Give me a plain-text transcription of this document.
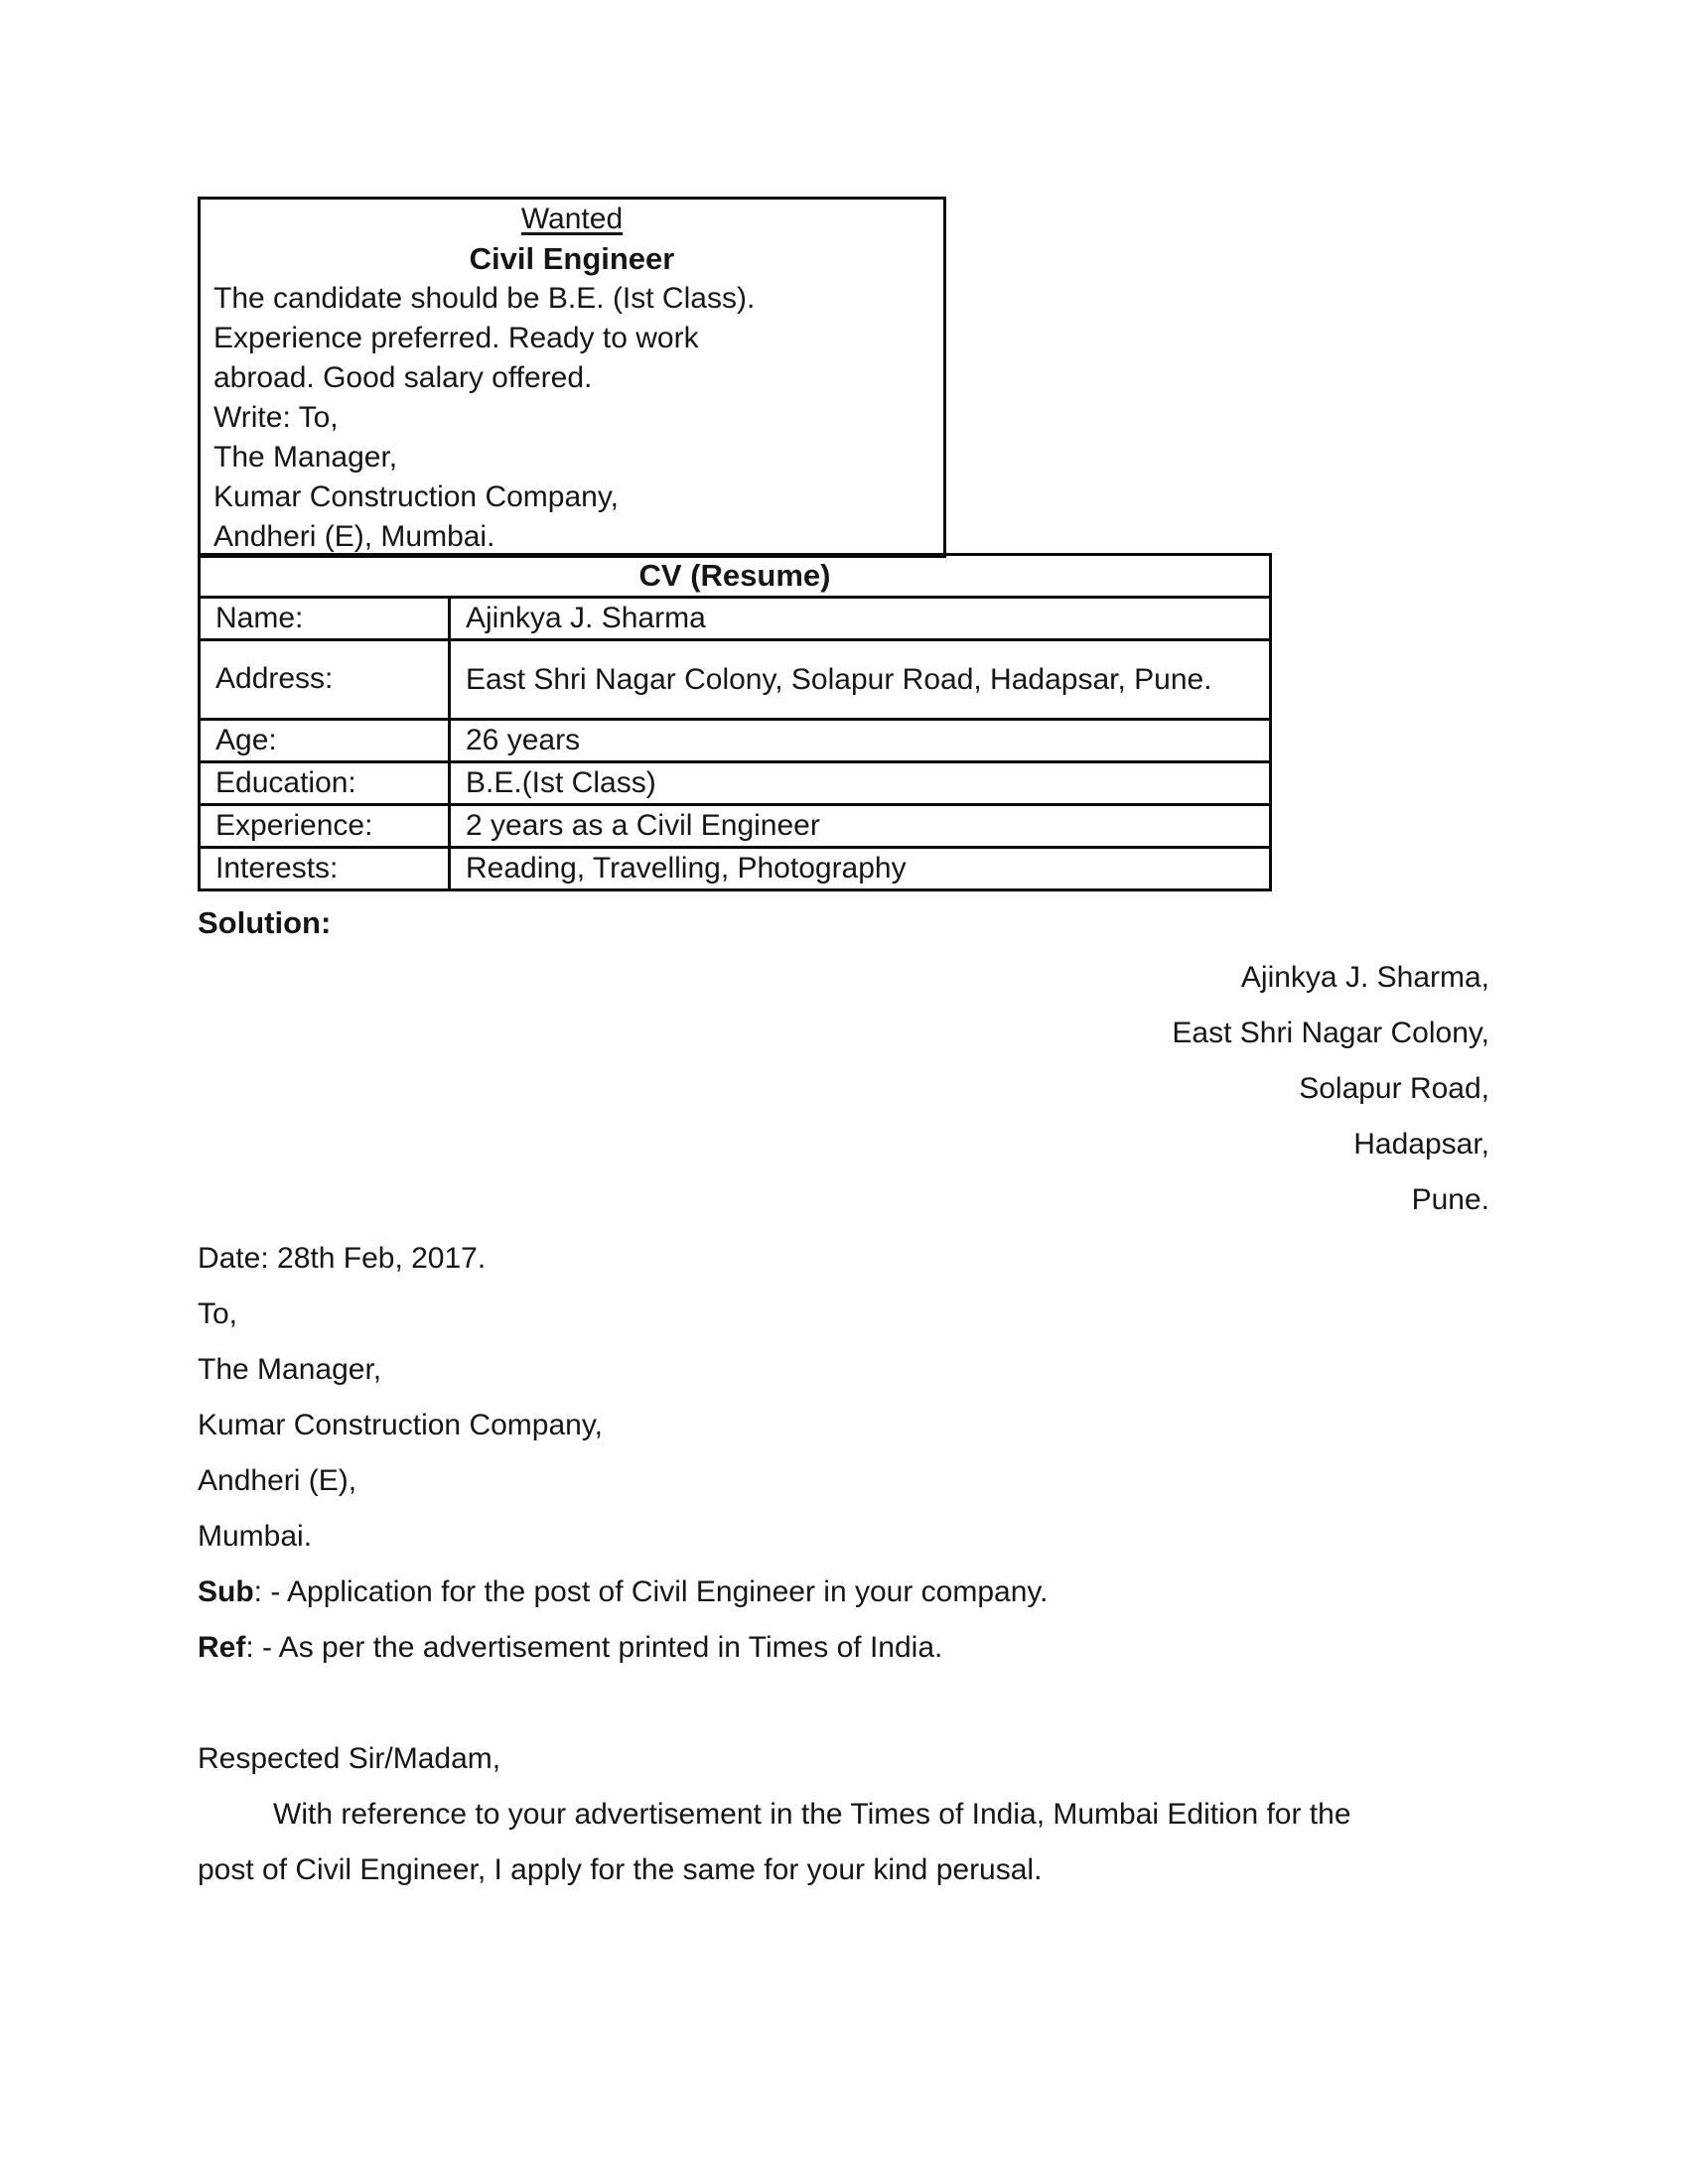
Wanted
Civil Engineer
The candidate should be B.E. (Ist Class).
Experience preferred. Ready to work
abroad. Good salary offered.
Write: To,
The Manager,
Kumar Construction Company,
Andheri (E), Mumbai.
CV (Resume)	
Name:	Ajinkya J. Sharma
Address:	East Shri Nagar Colony, Solapur Road, Hadapsar, Pune.
Age:	26 years
Education:	B.E.(Ist Class)
Experience:	2 years as a Civil Engineer
Interests:	Reading, Travelling, Photography
Solution:
Ajinkya J. Sharma,
East Shri Nagar Colony,
Solapur Road,
Hadapsar,
Pune.
Date: 28th Feb, 2017.
To,
The Manager,
Kumar Construction Company,
Andheri (E),
Mumbai.
Sub: - Application for the post of Civil Engineer in your company.
Ref: - As per the advertisement printed in Times of India.
Respected Sir/Madam,
With reference to your advertisement in the Times of India, Mumbai Edition for the
post of Civil Engineer, I apply for the same for your kind perusal.
